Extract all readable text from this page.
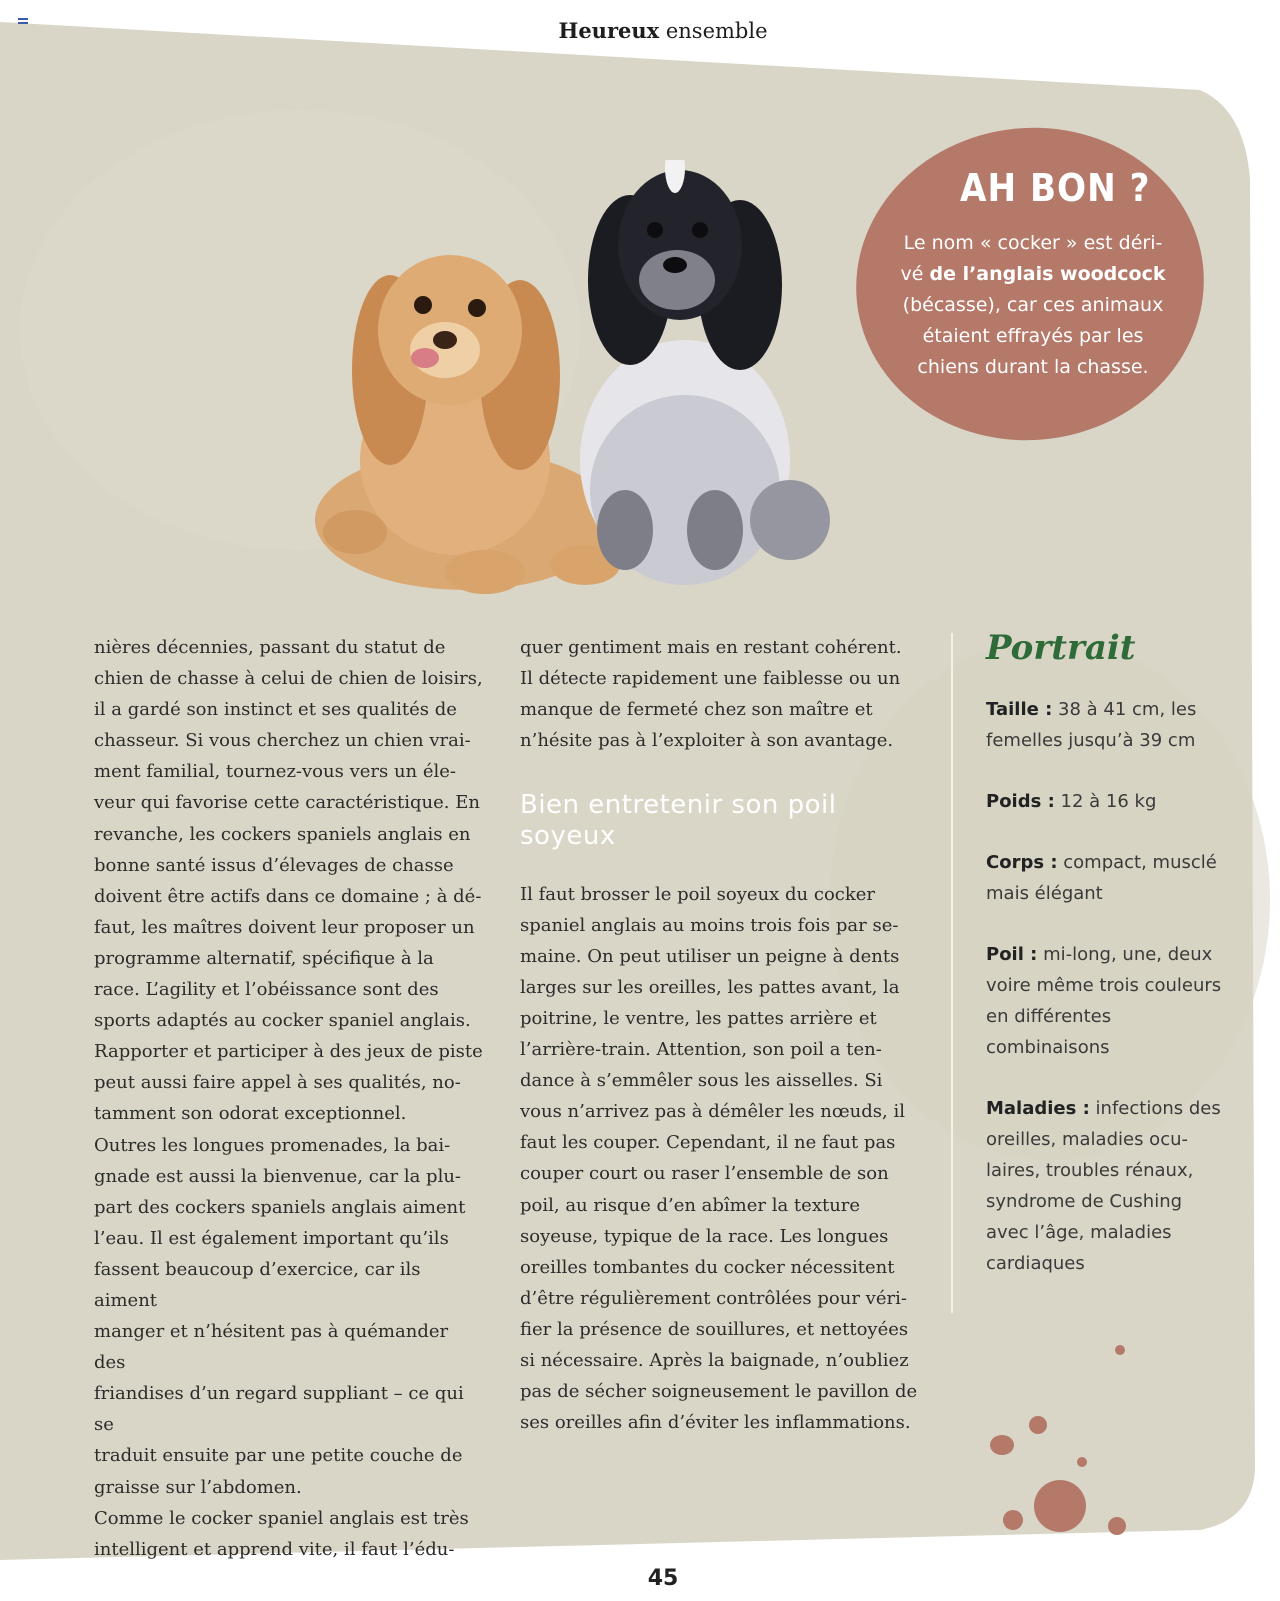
Heureux ensemble
AH BON ?
Le nom « cocker » est déri-
vé de l’anglais woodcock
(bécasse), car ces animaux
étaient effrayés par les
chiens durant la chasse.

nières décennies, passant du statut de

chien de chasse à celui de chien de loisirs,

il a gardé son instinct et ses qualités de

chasseur. Si vous cherchez un chien vrai-

ment familial, tournez-vous vers un éle-

veur qui favorise cette caractéristique. En

revanche, les cockers spaniels anglais en

bonne santé issus d’élevages de chasse

doivent être actifs dans ce domaine ; à dé-

faut, les maîtres doivent leur proposer un

programme alternatif, spécifique à la

race. L’agility et l’obéissance sont des

sports adaptés au cocker spaniel anglais.

Rapporter et participer à des jeux de piste

peut aussi faire appel à ses qualités, no-

tamment son odorat exceptionnel.

Outres les longues promenades, la bai-

gnade est aussi la bienvenue, car la plu-

part des cockers spaniels anglais aiment

l’eau. Il est également important qu’ils

fassent beaucoup d’exercice, car ils aiment

manger et n’hésitent pas à quémander des

friandises d’un regard suppliant – ce qui se

traduit ensuite par une petite couche de

graisse sur l’abdomen.

Comme le cocker spaniel anglais est très

intelligent et apprend vite, il faut l’édu-

quer gentiment mais en restant cohérent.

Il détecte rapidement une faiblesse ou un

manque de fermeté chez son maître et

n’hésite pas à l’exploiter à son avantage.

Bien entretenir son poil soyeux

Il faut brosser le poil soyeux du cocker

spaniel anglais au moins trois fois par se-

maine. On peut utiliser un peigne à dents

larges sur les oreilles, les pattes avant, la

poitrine, le ventre, les pattes arrière et

l’arrière-train. Attention, son poil a ten-

dance à s’emmêler sous les aisselles. Si

vous n’arrivez pas à démêler les nœuds, il

faut les couper. Cependant, il ne faut pas

couper court ou raser l’ensemble de son

poil, au risque d’en abîmer la texture

soyeuse, typique de la race. Les longues

oreilles tombantes du cocker nécessitent

d’être régulièrement contrôlées pour véri-

fier la présence de souillures, et nettoyées

si nécessaire. Après la baignade, n’oubliez

pas de sécher soigneusement le pavillon de

ses oreilles afin d’éviter les inflammations.

Portrait
Taille : 38 à 41 cm, les femelles jusqu’à 39 cm
Poids : 12 à 16 kg
Corps : compact, musclé mais élégant
Poil : mi-long, une, deux voire même trois couleurs en différentes combinaisons
Maladies : infections des oreilles, maladies ocu-laires, troubles rénaux, syndrome de Cushing avec l’âge, maladies cardiaques
45
